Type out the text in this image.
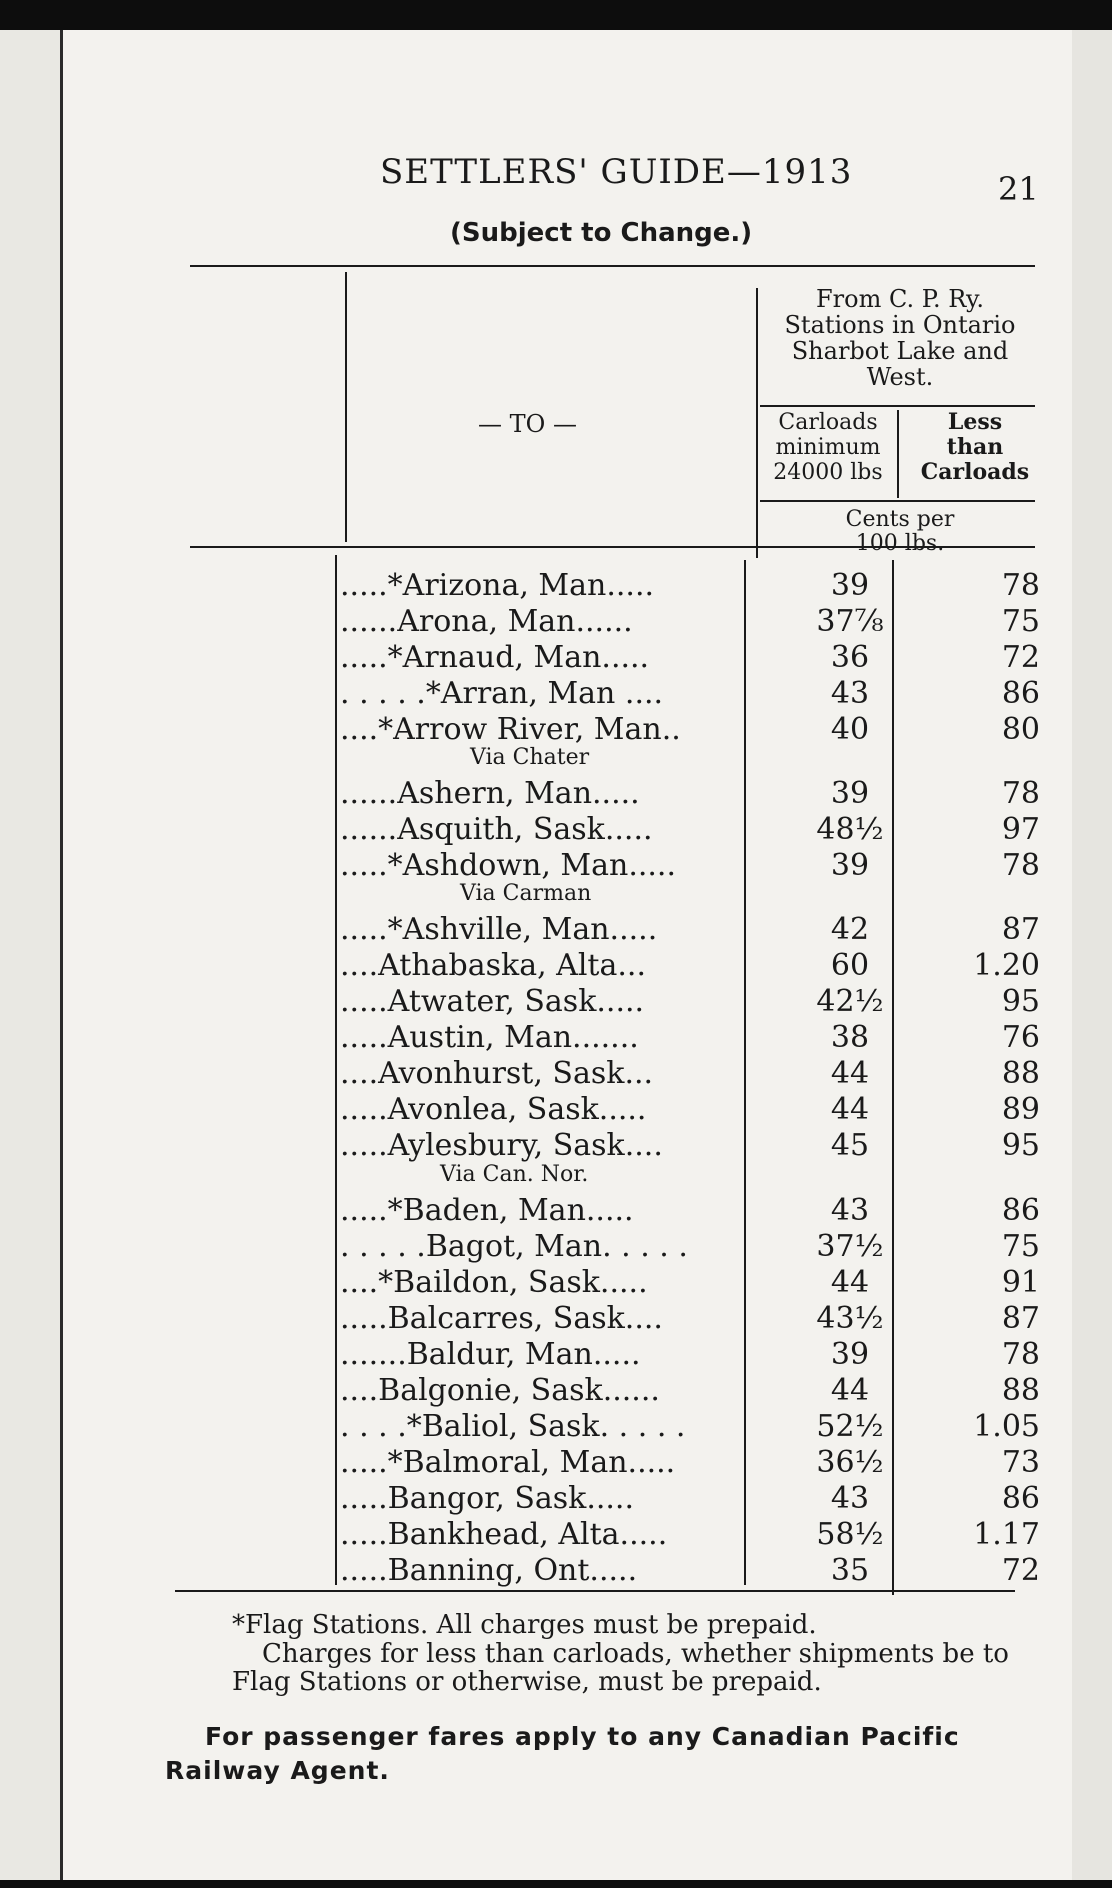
SETTLERS' GUIDE—1913	21
(Subject to Change.)
From C. P. Ry.
Stations in Ontario
Sharbot Lake and
West.
— TO —	Carloads
minimum
24000 lbs
Less
than
Carloads
Cents per
100 lbs.
.....*Arizona, Man.....	39	78
......Arona, Man......	37⅞	75
.....*Arnaud, Man.....	36	72
. . . . .*Arran, Man ....	43	86
....*Arrow River, Man..	40	80
Via Chater
......Ashern, Man.....	39	78
......Asquith, Sask.....	48½	97
.....*Ashdown, Man.....	39	78
Via Carman
.....*Ashville, Man.....	42	87
....Athabaska, Alta...	60	1.20
.....Atwater, Sask.....	42½	95
.....Austin, Man.......	38	76
....Avonhurst, Sask...	44	88
.....Avonlea, Sask.....	44	89
.....Aylesbury, Sask....	45	95
Via Can. Nor.
.....*Baden, Man.....	43	86
. . . . .Bagot, Man. . . . .	37½	75
....*Baildon, Sask.....	44	91
.....Balcarres, Sask....	43½	87
.......Baldur, Man.....	39	78
....Balgonie, Sask......	44	88
. . . .*Baliol, Sask. . . . .	52½	1.05
.....*Balmoral, Man.....	36½	73
.....Bangor, Sask.....	43	86
.....Bankhead, Alta.....	58½	1.17
.....Banning, Ont.....	35	72
*Flag Stations. All charges must be prepaid.
Charges for less than carloads, whether shipments be to Flag Stations or otherwise, must be prepaid.
For passenger fares apply to any Canadian Pacific Railway Agent.
